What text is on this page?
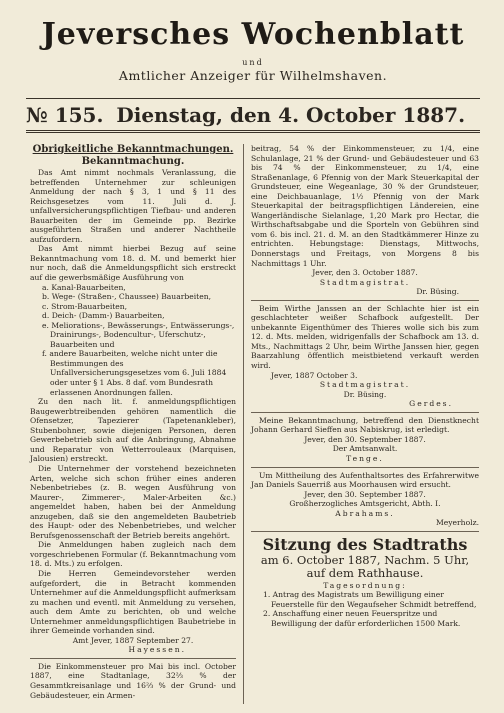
Jeversches Wochenblatt
und
Amtlicher Anzeiger für Wilhelmshaven.
№ 155. Dienstag, den 4. October 1887.
Obrigkeitliche Bekanntmachungen.
Bekanntmachung.

Das Amt nimmt nochmals Veranlassung, die betreffenden Unternehmer zur schleunigen Anmeldung der nach § 3, 1 und § 11 des Reichsgesetzes vom 11. Juli d. J. unfallversicherungspflichtigen Tiefbau- und anderen Bauarbeiten der im Gemeinde pp. Bezirke ausgeführten Straßen und anderer Nachtheile aufzufordern.

Das Amt nimmt hierbei Bezug auf seine Bekanntmachung vom 18. d. M. und bemerkt hier nur noch, daß die Anmeldungspflicht sich erstreckt auf die gewerbsmäßige Ausführung von

a. Kanal-Bauarbeiten,
b. Wege- (Straßen-, Chaussee) Bauarbeiten,
c. Strom-Bauarbeiten,
d. Deich- (Damm-) Bauarbeiten,
e. Meliorations-, Bewässerungs-, Entwässerungs-, Drainirungs-, Bodencultur-, Uferschutz-, Bauarbeiten und
f. andere Bauarbeiten, welche nicht unter die Bestimmungen des Unfallversicherungsgesetzes vom 6. Juli 1884 oder unter § 1 Abs. 8 daf. vom Bundesrath erlassenen Anordnungen fallen.

Zu den nach lit. f. anmeldungspflichtigen Baugewerbtreibenden gehören namentlich die Ofensetzer, Tapezierer (Tapetenankleber), Stubenbohner, sowie diejenigen Personen, deren Gewerbebetrieb sich auf die Anbringung, Abnahme und Reparatur von Wetterrouleaux (Marquisen, Jalousien) erstreckt.

Die Unternehmer der vorstehend bezeichneten Arten, welche sich schon früher eines anderen Nebenbetriebes (z. B. wegen Ausführung von Maurer-, Zimmerer-, Maler-Arbeiten &c.) angemeldet haben, haben bei der Anmeldung anzugeben, daß sie den angemeldeten Baubetrieb des Haupt- oder des Nebenbetriebes, und welcher Berufsgenossenschaft der Betrieb bereits angehört.

Die Anmeldungen haben zugleich nach dem vorgeschriebenen Formular (f. Bekanntmachung vom 18. d. Mts.) zu erfolgen.

Die Herren Gemeindevorsteher werden aufgefordert, die in Betracht kommenden Unternehmer auf die Anmeldungspflicht aufmerksam zu machen und eventl. mit Anmeldung zu versehen, auch dem Amte zu berichten, ob und welche Unternehmer anmeldungspflichtigen Baubetriebe in ihrer Gemeinde vorhanden sind.

Amt Jever, 1887 September 27.

Hayessen.

Die Einkommensteuer pro Mai bis incl. October 1887, eine Stadtanlage, 32⅔ % der Gesammtkreisanlage und 16⅔ % der Grund- und Gebäudesteuer, ein Armen-

beitrag, 54 % der Einkommensteuer, zu 1/4, eine Schulanlage, 21 % der Grund- und Gebäudesteuer und 63 bis 74 % der Einkommensteuer, zu 1/4, eine Straßenanlage, 6 Pfennig von der Mark Steuerkapital der Grundsteuer, eine Wegeanlage, 30 % der Grundsteuer, eine Deichbauanlage, 1½ Pfennig von der Mark Steuerkapital der beitragspflichtigen Ländereien, eine Wangerländische Sielanlage, 1,20 Mark pro Hectar, die Wirthschaftsabgabe und die Sporteln von Gebühren sind vom 6. bis incl. 21. d. M. an den Stadtkämmerer Hinze zu entrichten. Hebungstage: Dienstags, Mittwochs, Donnerstags und Freitags, von Morgens 8 bis Nachmittags 1 Uhr.

Jever, den 3. October 1887.

Stadtmagistrat.

Dr. Büsing.

Beim Wirthe Janssen an der Schlachte hier ist ein geschlachteter weißer Schafbock aufgestellt. Der unbekannte Eigenthümer des Thieres wolle sich bis zum 12. d. Mts. melden, widrigenfalls der Schafbock am 13. d. Mts., Nachmittags 2 Uhr, beim Wirthe Janssen hier, gegen Baarzahlung öffentlich meistbietend verkauft werden wird.

Jever, 1887 October 3.

Stadtmagistrat.

Dr. Büsing.

Gerdes.

Meine Bekanntmachung, betreffend den Dienstknecht Johann Gerhard Sieffen aus Nabiskrug, ist erledigt.

Jever, den 30. September 1887.

Der Amtsanwalt.

Tenge.

Um Mittheilung des Aufenthaltsortes des Erfahrerwitwe Jan Daniels Sauerriß aus Moorhausen wird ersucht.

Jever, den 30. September 1887.

Großherzogliches Amtsgericht, Abth. I.

Abrahams.

Meyerholz.

Sitzung des Stadtraths
am 6. October 1887, Nachm. 5 Uhr, auf dem Rathhause.

Tagesordnung:

1. Antrag des Magistrats um Bewilligung einer Feuerstelle für den Wegaufseher Schmidt betreffend,
2. Anschaffung einer neuen Feuerspritze und Bewilligung der dafür erforderlichen 1500 Mark.
